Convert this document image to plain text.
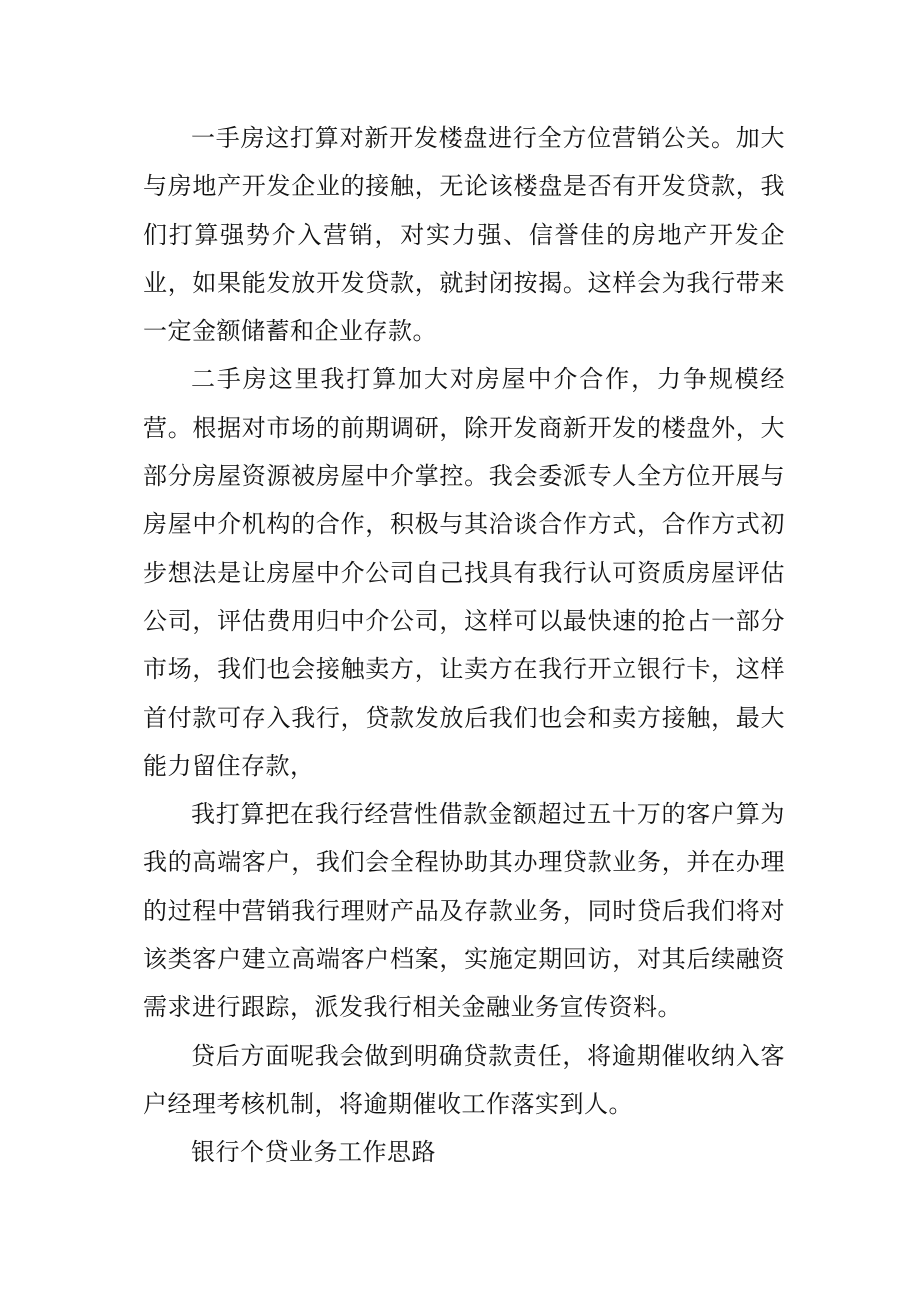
一手房这打算对新开发楼盘进行全方位营销公关。加大与房地产开发企业的接触，无论该楼盘是否有开发贷款，我们打算强势介入营销，对实力强、信誉佳的房地产开发企业，如果能发放开发贷款，就封闭按揭。这样会为我行带来一定金额储蓄和企业存款。

二手房这里我打算加大对房屋中介合作，力争规模经营。根据对市场的前期调研，除开发商新开发的楼盘外，大部分房屋资源被房屋中介掌控。我会委派专人全方位开展与房屋中介机构的合作，积极与其洽谈合作方式，合作方式初步想法是让房屋中介公司自己找具有我行认可资质房屋评估公司，评估费用归中介公司，这样可以最快速的抢占一部分市场，我们也会接触卖方，让卖方在我行开立银行卡，这样首付款可存入我行，贷款发放后我们也会和卖方接触，最大能力留住存款，

我打算把在我行经营性借款金额超过五十万的客户算为我的高端客户，我们会全程协助其办理贷款业务，并在办理的过程中营销我行理财产品及存款业务，同时贷后我们将对该类客户建立高端客户档案，实施定期回访，对其后续融资需求进行跟踪，派发我行相关金融业务宣传资料。

贷后方面呢我会做到明确贷款责任，将逾期催收纳入客户经理考核机制，将逾期催收工作落实到人。

银行个贷业务工作思路
